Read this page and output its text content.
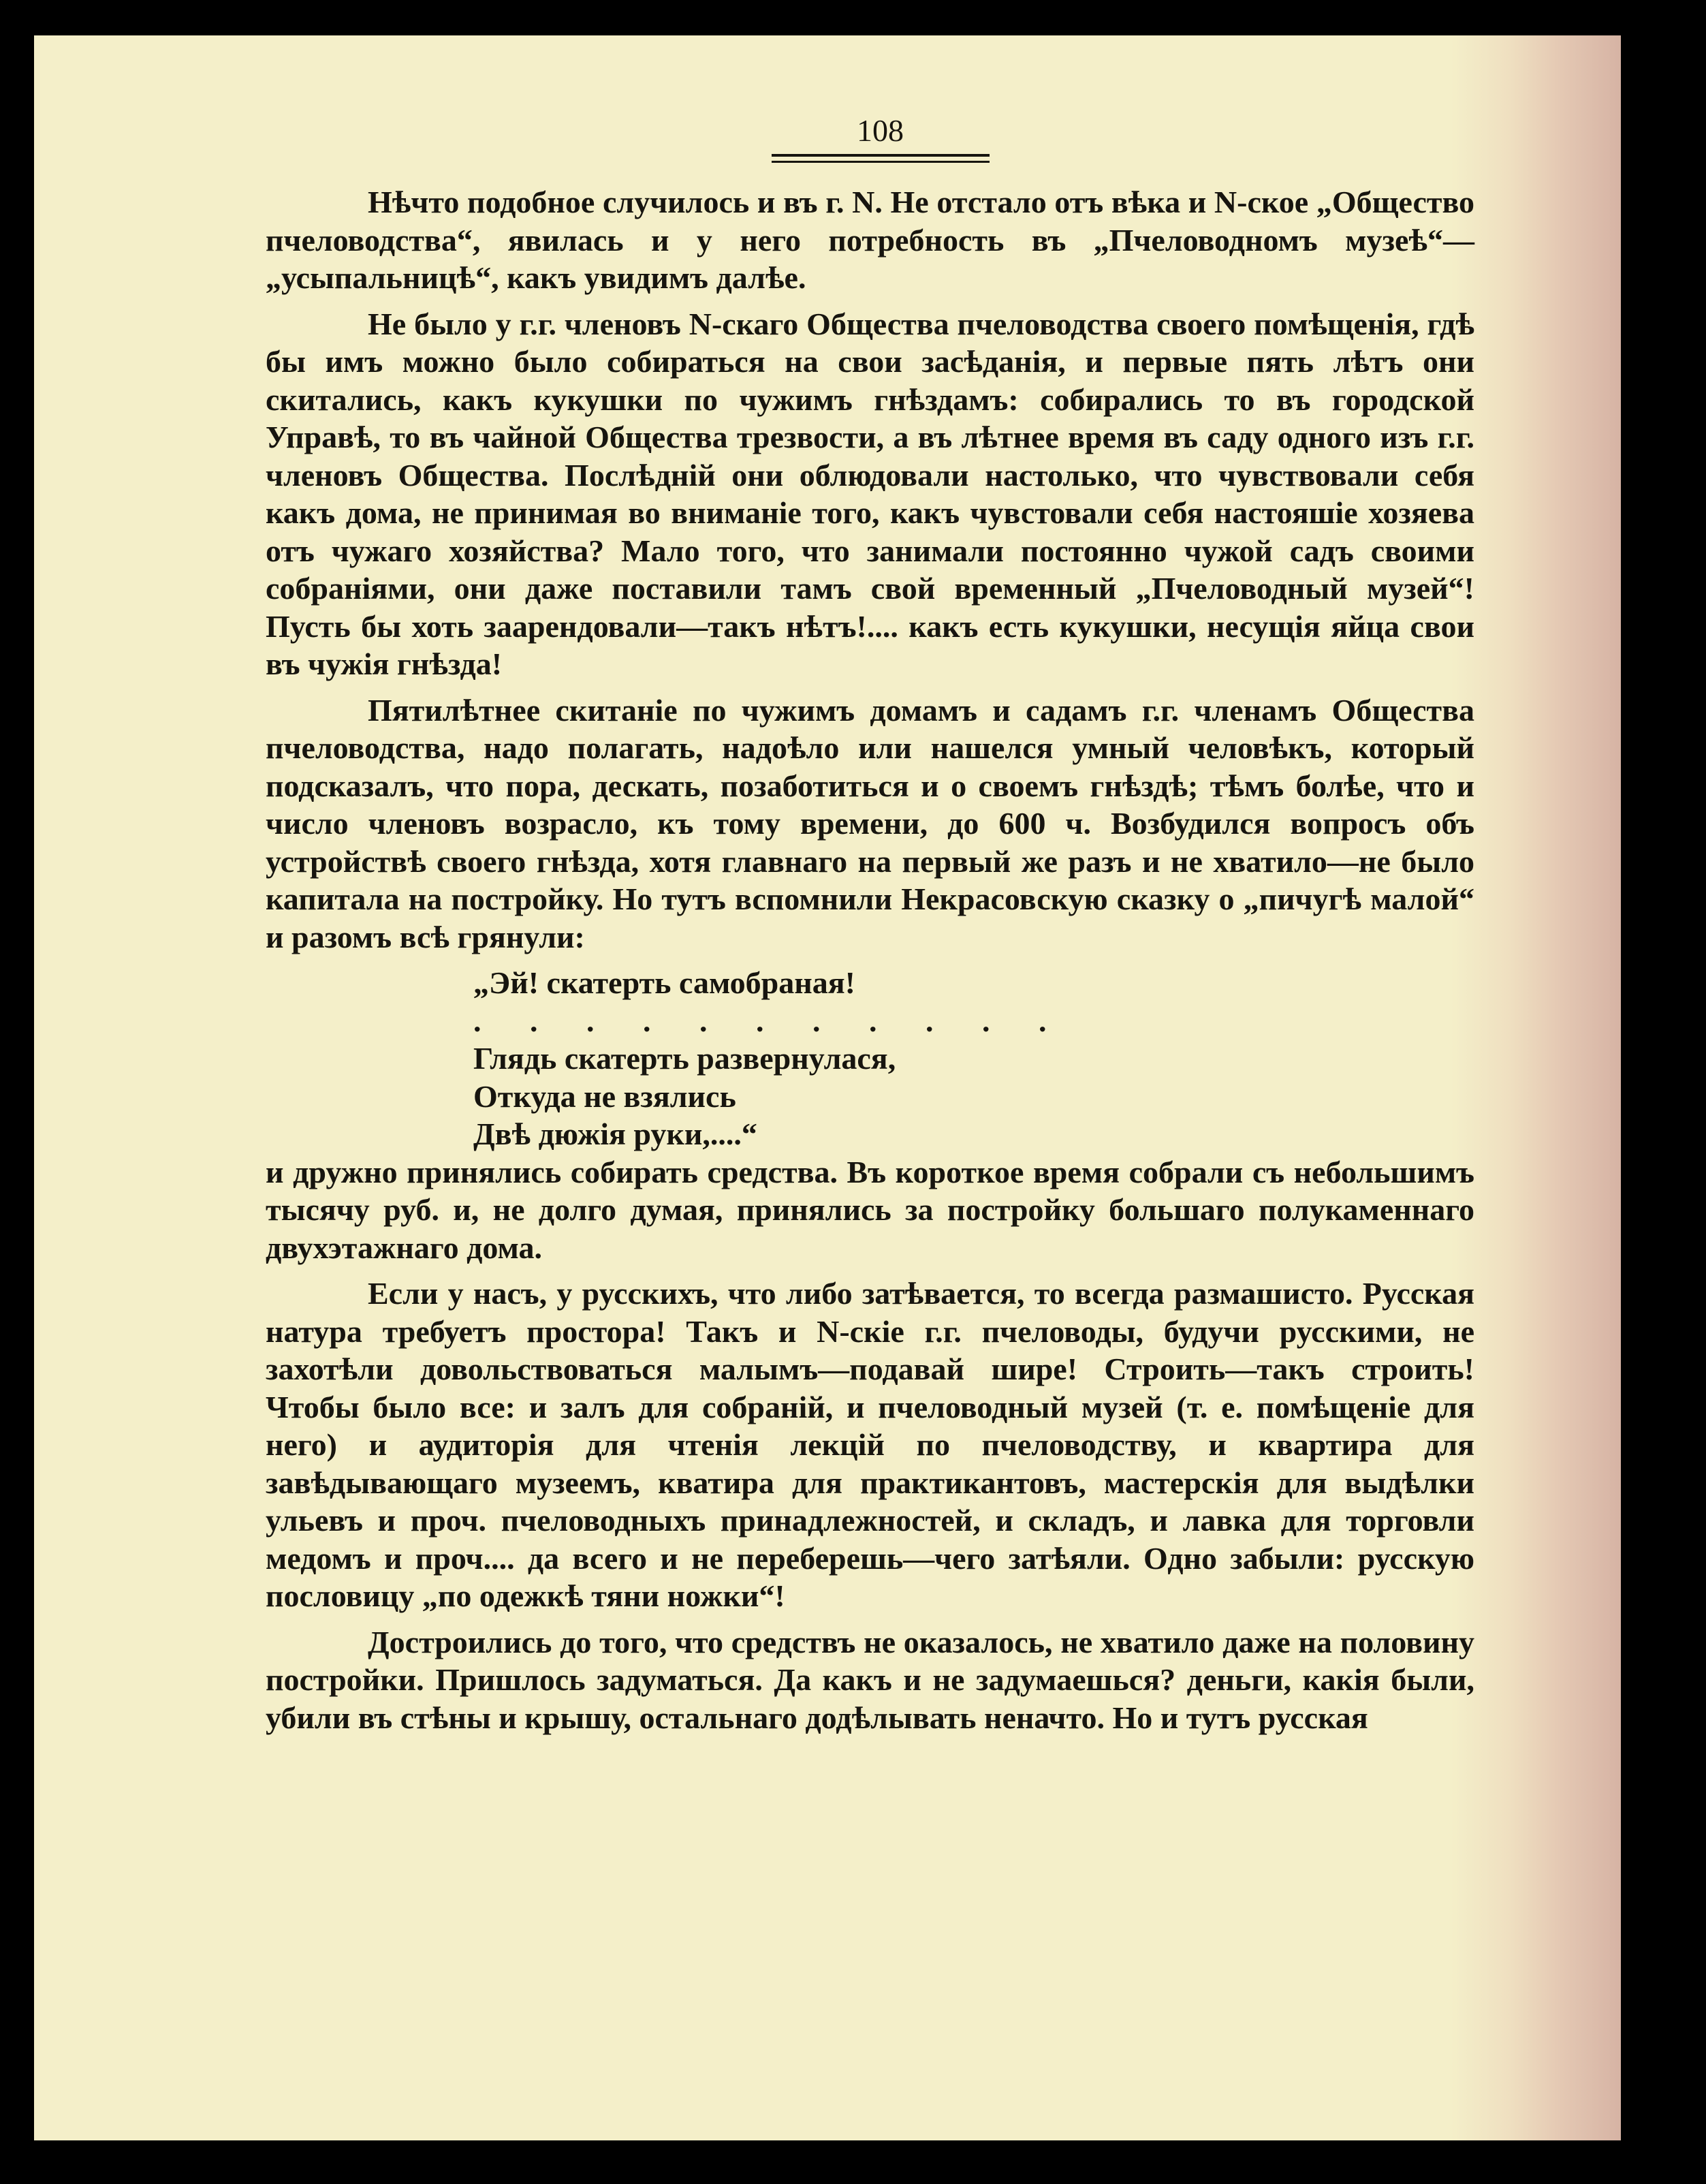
108

Нѣчто подобное случилось и въ г. N. Не отстало отъ вѣка и N-ское „Общество пчеловодства“, явилась и у него потребность въ „Пчеловодномъ музеѣ“—„усыпальницѣ“, какъ увидимъ далѣе.

Не было у г.г. членовъ N-скаго Общества пчеловодства своего помѣщенія, гдѣ бы имъ можно было собираться на свои засѣданія, и первые пять лѣтъ они скитались, какъ кукушки по чужимъ гнѣздамъ: собирались то въ городской Управѣ, то въ чайной Общества трезвости, а въ лѣтнее время въ саду одного изъ г.г. членовъ Общества. Послѣдній они облюдовали настолько, что чувствовали себя какъ дома, не принимая во вниманіе того, какъ чувстовали себя настояшіе хозяева отъ чужаго хозяйства? Мало того, что занимали постоянно чужой садъ своими собраніями, они даже поставили тамъ свой временный „Пчеловодный музей“! Пусть бы хоть заарендовали—такъ нѣтъ!.... какъ есть кукушки, несущія яйца свои въ чужія гнѣзда!

Пятилѣтнее скитаніе по чужимъ домамъ и садамъ г.г. членамъ Общества пчеловодства, надо полагать, надоѣло или нашелся умный человѣкъ, который подсказалъ, что пора, дескать, позаботиться и о своемъ гнѣздѣ; тѣмъ болѣе, что и число членовъ возрасло, къ тому времени, до 600 ч. Возбудился вопросъ объ устройствѣ своего гнѣзда, хотя главнаго на первый же разъ и не хватило—не было капитала на постройку. Но тутъ вспомнили Некрасовскую сказку о „пичугѣ малой“ и разомъ всѣ грянули:

„Эй! скатерть самобраная!
. . . . . . . . . . .
Глядь скатерть развернулася,
Откуда не взялись
Двѣ дюжія руки,....“

и дружно принялись собирать средства. Въ короткое время собрали съ небольшимъ тысячу руб. и, не долго думая, принялись за постройку большаго полукаменнаго двухэтажнаго дома.

Если у насъ, у русскихъ, что либо затѣвается, то всегда размашисто. Русская натура требуетъ простора! Такъ и N-скіе г.г. пчеловоды, будучи русскими, не захотѣли довольствоваться малымъ—подавай шире! Строить—такъ строить! Чтобы было все: и залъ для собраній, и пчеловодный музей (т. е. помѣщеніе для него) и аудиторія для чтенія лекцій по пчеловодству, и квартира для завѣдывающаго музеемъ, кватира для практикантовъ, мастерскія для выдѣлки ульевъ и проч. пчеловодныхъ принадлежностей, и складъ, и лавка для торговли медомъ и проч.... да всего и не переберешь—чего затѣяли. Одно забыли: русскую пословицу „по одежкѣ тяни ножки“!

Достроились до того, что средствъ не оказалось, не хватило даже на половину постройки. Пришлось задуматься. Да какъ и не задумаешься? деньги, какія были, убили въ стѣны и крышу, остальнаго додѣлывать неначто. Но и тутъ русская
